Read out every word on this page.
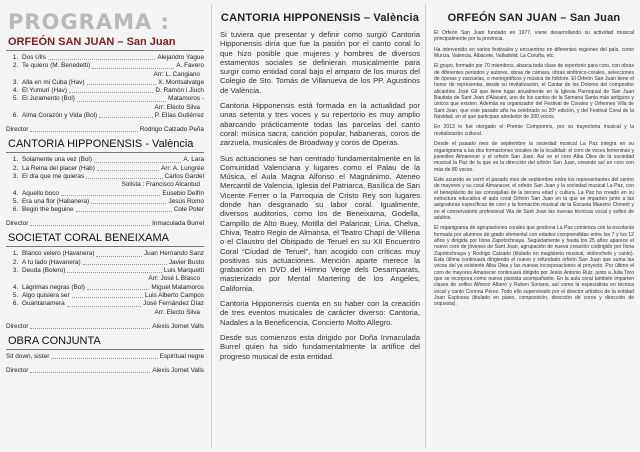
PROGRAMA :
ORFEÓN SAN JUAN – San Juan
1. Dos Ulls	Alejandro Yague
2. Te quiero (M. Benedetti)	A. Favero
Arr: L. Cangiano
3. Alla en mi Cuba (Hav)	X. Montsalvatge
4. El Yumurí (Hav)	D. Ramón i Jiuch
5. El Juramento (Bol)	Matamoros -
Arr: Electo Silva
6. Alma Corazón y Vida (Bol)	P. Elías Gutiérrez
Director	Rodrigo Calzado Peña
CANTORIA HIPPONENSIS - València
1. Solamente una vez (Bol)	A. Lara
2. La Reina del placer (Hab)	Arr: A. Lungrée
3. El día que me quieras	Carlos Gardel
Solista : Francisco Alcantud
4. Aquello boco	Eusebio Delfín
5. Era una flor (Habanera)	Jesús Romo
6. Begin the beguine	Cole Poter
Director	Inmaculada Burrel
SOCIETAT CORAL BENEIXAMA
1. Blanco velero (Havanera)	Juan Hernando Sanz
2. A tu lado (Havanera)	Javier Busto
3. Deuda (Bolero)	Luis Marquetti
Arr: José L Blasco
4. Lágrimas negras (Bol)	Miguel Matamoros
5. Algo quisiera ser	Luis Alberto Campos
6. Guantanamera	José Fernández Díaz
Arr: Electo Silva
Director	Alexis Jornet Valls
OBRA CONJUNTA
Sit down, sister	Espiritual negre
Director	Alexis Jornet Valls
CANTORIA HIPPONENSIS – València

Si tuviera que presentar y definir como surgió Cantoria Hipponensis diría que fue la pasión por el canto coral lo que hizo posible que mujeres y hombres de diversos estamentos sociales se definieran musicalmente para surgir como entidad coral bajo el amparo de los muros del Colegio de Sto. Tomás de Villanueva de los PP. Agustinos de València.

Cantoria Hipponensis está formada en la actualidad por unas setenta y tres voces y su repertorio es muy amplio abarcando prácticamente todas las parcelas del canto coral: música sacra, canción popular, habaneras, coros de zarzuela, musicales de Broadway y coros de Operas.

Sus actuaciones se han centrado fundamentalmente en la Comunidad Valenciana y lugares como el Palau de la Música, el Aula Magna Alfonso el Magnánimo, Ateneo Mercantil de Valencia, Iglesia del Patriarca, Basílica de San Vicente Ferrer o la Parroquia de Cristo Rey son lugares donde han desgranado su labor coral. Igualmente, diversos auditorios, como los de Beneixama, Godella, Campillo de Alto Buey, Motilla del Palancar, Liria, Chelva, Chiva, Teatro Regio de Almansa, el Teatro Chapí de Villena o el Claustro del Obispado de Teruel en su XII Encuentro Coral “Ciudad de Teruel”, han acogido con críticas muy positivas sus actuaciones. Mención aparte merece la grabación en DVD del Himno Verge dels Desamparats, masterizado por Mental Martering de los Angeles, California.

Cantoria Hipponensis cuenta en su haber con la creación de tres eventos musicales de carácter diverso: Cantoria, Nadales a la Beneficencia, Concierto Molto Allegro.

Desde sus comienzos esta dirigido por Doña Inmaculada Burrel quien ha sido fundamentalmente la artífice del progreso musical de esta entidad.

ORFEÓN SAN JUAN – San Juan

El Orfeón San Juan fundado en 1977, viene desarrollando su actividad musical principalmente por la provincia.

Ha intervenido en varios festivales y encuentros en diferentes regiones del país, como Murcia, Valencia, Albacete, Valladolid, La Coruña, etc.

El grupo, formado por 70 miembros, abarca toda clase de repertorio para coro, con obras de diferentes periodos y autores, obras de cámara, obras sinfónico-corales, selecciones de óperas y zarzuelas, o monográficos y música de folklore. El Orfeón San Juan tiene el honor de representar, desde su revitalización, el Cantar de los Dolores del compositor alicantino José Gil que tiene lugar anualmente en la Iglesia Parroquial de San Juan Bautista de Sant Joan d'Alacant, uno de los cantos de la Semana Santa más antiguos y únicos que existen. Además es organizador del Festival de Corales y Orfeones Villa de Sant Joan, que este pasado año ha celebrado su 20ª edición, y del Festival Coral de la Navidad, en el que participan alrededor de 200 voces.

En 2013 le fue otorgado el Premio Compromís, por su trayectoria musical y la revitalización cultural.

Desde el pasado mes de septiembre la sociedad musical La Paz integra en su organigrama a las dos formaciones vocales de la localidad: el coro de voces femeninas y juveniles Almanecer y el orfeón San Juan. Así ve el coro Alba Olea de la sociedad musical la Paz de la que es la dirección del orfeón San Juan, creando así un coro con más de 80 voces.

Este acuerdo se cerró el pasado mes de septiembre entre los representantes del centro de mayores y su coral Almanecer, el orfeón San Juan y la sociedad musical La Paz, con el beneplácito de las concejalías de la tercera edad y cultura. La Paz ha creado en su estructura educativa el aula coral Orfeón San Juan en la que se imparten junto a las asignaturas específicas de coro y la formación musical de la Escuela Maestro Climent y en el conservatorio profesional Vila de Sant Joan las nuevas técnicas vocal y solfeo de adultos.

El organigrama de agrupaciones corales que gestiona La Paz comienza con la escolanía formada por alumnos de grado elemental con edades comprendidas entre los 7 y los 12 años y dirigida por Ilona Zapotochnaya. Seguidamente y hasta los 25 años aparece el nuevo coro de jóvenes de Sant Joan, agrupación de nueva creación codirigido por Ilona Zapotochnaya y Rodrigo Calzado (titulado en magisterio musical, violonchelo y canto). Esta última continuará dirigiendo el nuevo y refundado orfeón San Juan que suma las voces del ya existente Alba Olea y las nuevas incorporaciones al proyecto. Por último el coro de mayores Amanecer continuará dirigido por Jesús Antonio Ruiz, junto a Julia Toro que se incorpora como nueva pianista acompañante. En la aula coral también imparten clases de solfeo Alfonso Albero y Ruben Soriano, así como la especialista en técnica vocal y canto Corinna Pérez. Todo ello supervisado por el director artístico de la entidad Joan Espinosa (titulado en piano, composición, dirección de coros y dirección de orquesta).
